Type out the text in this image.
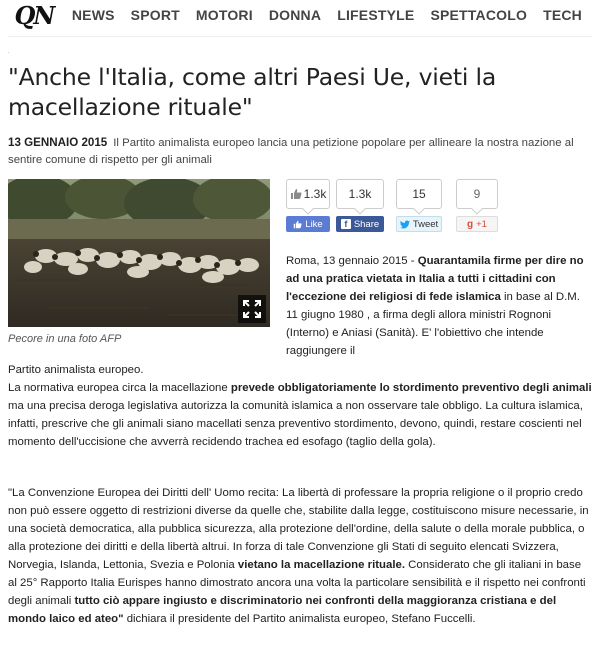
QN	NEWS SPORT MOTORI DONNA LIFESTYLE SPETTACOLO TECH
·
"Anche l'Italia, come altri Paesi Ue, vieti la macellazione rituale"
13 GENNAIO 2015 Il Partito animalista europeo lancia una petizione popolare per allineare la nostra nazione al sentire comune di rispetto per gli animali
Pecore in una foto AFP
1.3k
Like
1.3k
f Share
15
Tweet
9
g +1
Roma, 13 gennaio 2015 - Quarantamila firme per dire no ad una pratica vietata in Italia a tutti i cittadini con l'eccezione dei religiosi di fede islamica in base al D.M. 11 giugno 1980 , a firma degli allora ministri Rognoni (Interno) e Aniasi (Sanità). E' l'obiettivo che intende raggiungere il
Partito animalista europeo.
La normativa europea circa la macellazione prevede obbligatoriamente lo stordimento preventivo degli animali ma una precisa deroga legislativa autorizza la comunità islamica a non osservare tale obbligo. La cultura islamica, infatti, prescrive che gli animali siano macellati senza preventivo stordimento, devono, quindi, restare coscienti nel momento dell'uccisione che avverrà recidendo trachea ed esofago (taglio della gola).
"La Convenzione Europea dei Diritti dell' Uomo recita: La libertà di professare la propria religione o il proprio credo non può essere oggetto di restrizioni diverse da quelle che, stabilite dalla legge, costituiscono misure necessarie, in una società democratica, alla pubblica sicurezza, alla protezione dell'ordine, della salute o della morale pubblica, o alla protezione dei diritti e della libertà altrui. In forza di tale Convenzione gli Stati di seguito elencati Svizzera, Norvegia, Islanda, Lettonia, Svezia e Polonia vietano la macellazione rituale. Considerato che gli italiani in base al 25° Rapporto Italia Eurispes hanno dimostrato ancora una volta la particolare sensibilità e il rispetto nei confronti degli animali tutto ciò appare ingiusto e discriminatorio nei confronti della maggioranza cristiana e del mondo laico ed ateo" dichiara il presidente del Partito animalista europeo, Stefano Fuccelli.
